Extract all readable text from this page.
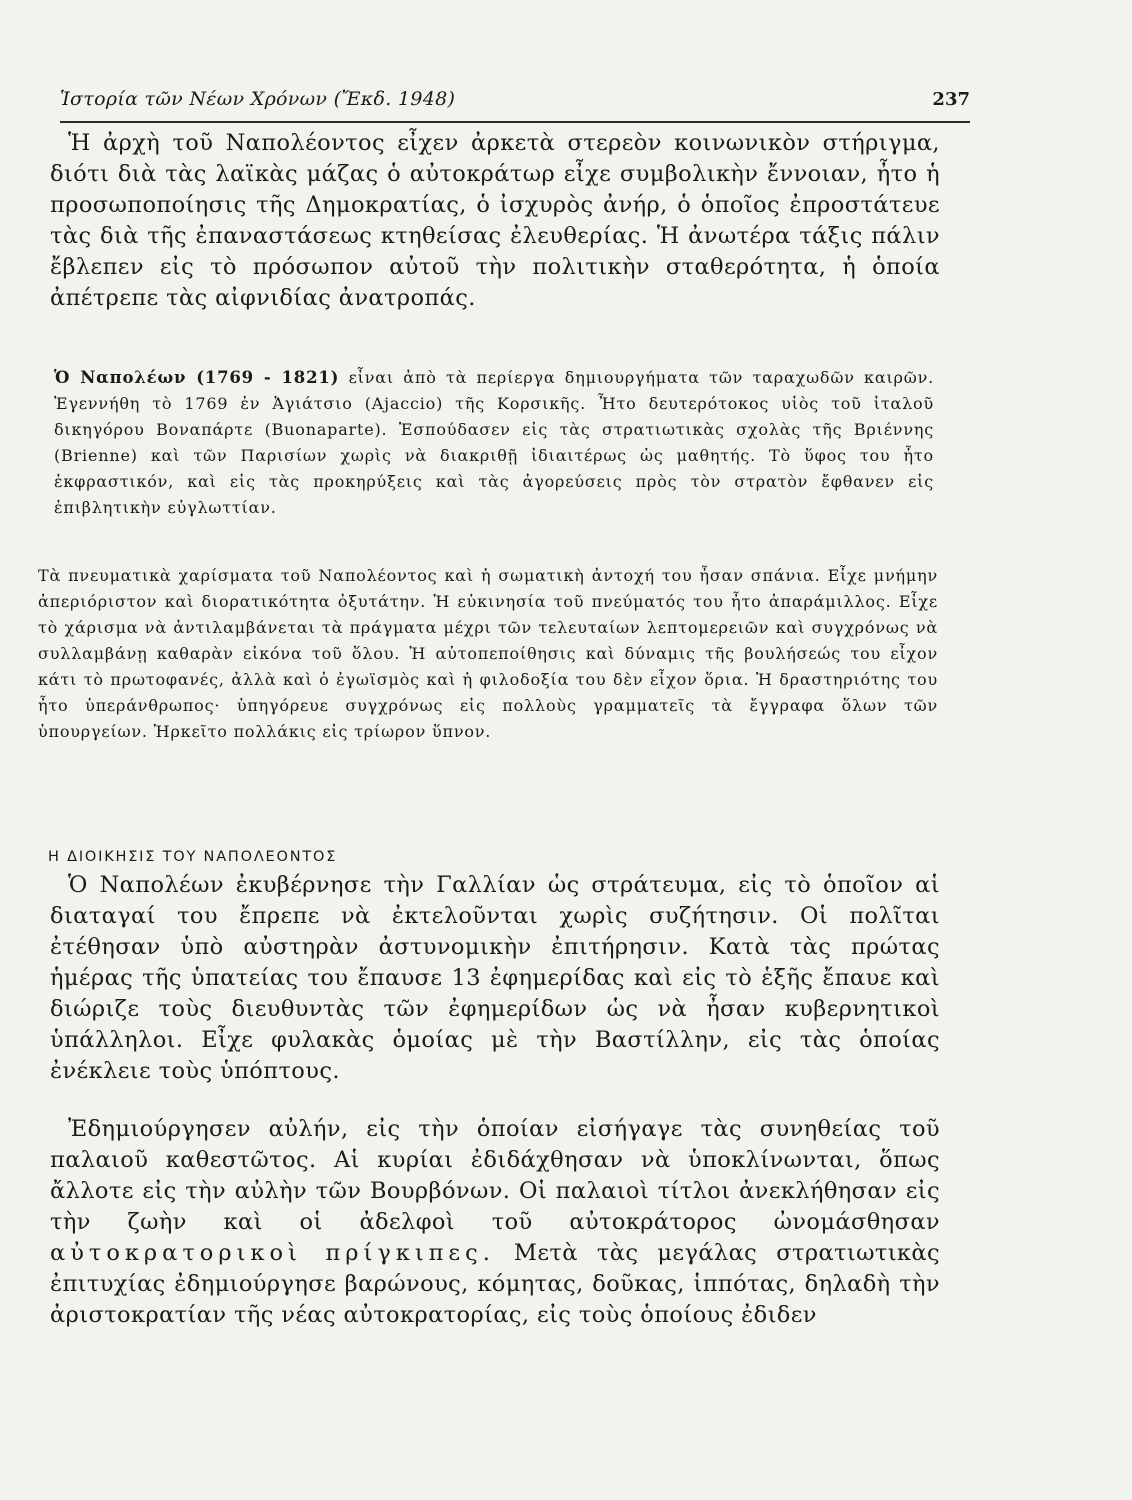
Ἱστορία τῶν Νέων Χρόνων (Ἔκδ. 1948)	237
Ἡ ἀρχὴ τοῦ Ναπολέοντος εἶχεν ἀρκετὰ στερεὸν κοινωνικὸν στήριγμα, διότι διὰ τὰς λαϊκὰς μάζας ὁ αὐτοκράτωρ εἶχε συμβολικὴν ἔννοιαν, ἦτο ἡ προσωποποίησις τῆς Δημοκρατίας, ὁ ἰσχυρὸς ἀνήρ, ὁ ὁποῖος ἐπροστάτευε τὰς διὰ τῆς ἐπαναστάσεως κτηθείσας ἐλευθερίας. Ἡ ἀνωτέρα τάξις πάλιν ἔβλεπεν εἰς τὸ πρόσωπον αὐτοῦ τὴν πολιτικὴν σταθερότητα, ἡ ὁποία ἀπέτρεπε τὰς αἰφνιδίας ἀνατροπάς.
Ὁ Ναπολέων (1769 - 1821) εἶναι ἀπὸ τὰ περίεργα δημιουργήματα τῶν ταραχωδῶν καιρῶν. Ἐγεννήθη τὸ 1769 ἐν Ἀγιάτσιο (Ajaccio) τῆς Κορσικῆς. Ἦτο δευτερότοκος υἱὸς τοῦ ἰταλοῦ δικηγόρου Βοναπάρτε (Buonaparte). Ἐσπούδασεν εἰς τὰς στρατιωτικὰς σχολὰς τῆς Βριέννης (Brienne) καὶ τῶν Παρισίων χωρὶς νὰ διακριθῇ ἰδιαιτέρως ὡς μαθητής. Τὸ ὕφος του ἦτο ἐκφραστικόν, καὶ εἰς τὰς προκηρύξεις καὶ τὰς ἀγορεύσεις πρὸς τὸν στρατὸν ἔφθανεν εἰς ἐπιβλητικὴν εὐγλωττίαν.
Τὰ πνευματικὰ χαρίσματα τοῦ Ναπολέοντος καὶ ἡ σωματικὴ ἀντοχή του ἦσαν σπάνια. Εἶχε μνήμην ἀπεριόριστον καὶ διορατικότητα ὀξυτάτην. Ἡ εὐκινησία τοῦ πνεύματός του ἦτο ἀπαράμιλλος. Εἶχε τὸ χάρισμα νὰ ἀντιλαμβάνεται τὰ πράγματα μέχρι τῶν τελευταίων λεπτομερειῶν καὶ συγχρόνως νὰ συλλαμβάνῃ καθαρὰν εἰκόνα τοῦ ὅλου. Ἡ αὐτοπεποίθησις καὶ δύναμις τῆς βουλήσεώς του εἶχον κάτι τὸ πρωτοφανές, ἀλλὰ καὶ ὁ ἐγωϊσμὸς καὶ ἡ φιλοδοξία του δὲν εἶχον ὅρια. Ἡ δραστηριότης του ἦτο ὑπεράνθρωπος· ὑπηγόρευε συγχρόνως εἰς πολλοὺς γραμματεῖς τὰ ἔγγραφα ὅλων τῶν ὑπουργείων. Ἠρκεῖτο πολλάκις εἰς τρίωρον ὕπνον.
Η ΔΙΟΙΚΗΣΙΣ ΤΟΥ ΝΑΠΟΛΕΟΝΤΟΣ
Ὁ Ναπολέων ἐκυβέρνησε τὴν Γαλλίαν ὡς στράτευμα, εἰς τὸ ὁποῖον αἱ διαταγαί του ἔπρεπε νὰ ἐκτελοῦνται χωρὶς συζήτησιν. Οἱ πολῖται ἐτέθησαν ὑπὸ αὐστηρὰν ἀστυνομικὴν ἐπιτήρησιν. Κατὰ τὰς πρώτας ἡμέρας τῆς ὑπατείας του ἔπαυσε 13 ἐφημερίδας καὶ εἰς τὸ ἑξῆς ἔπαυε καὶ διώριζε τοὺς διευθυντὰς τῶν ἐφημερίδων ὡς νὰ ἦσαν κυβερνητικοὶ ὑπάλληλοι. Εἶχε φυλακὰς ὁμοίας μὲ τὴν Βαστίλλην, εἰς τὰς ὁποίας ἐνέκλειε τοὺς ὑπόπτους.
Ἐδημιούργησεν αὐλήν, εἰς τὴν ὁποίαν εἰσήγαγε τὰς συνηθείας τοῦ παλαιοῦ καθεστῶτος. Αἱ κυρίαι ἐδιδάχθησαν νὰ ὑποκλίνωνται, ὅπως ἄλλοτε εἰς τὴν αὐλὴν τῶν Βουρβόνων. Οἱ παλαιοὶ τίτλοι ἀνεκλήθησαν εἰς τὴν ζωὴν καὶ οἱ ἀδελφοὶ τοῦ αὐτοκράτορος ὠνομάσθησαν αὐτοκρατορικοὶ πρίγκιπες. Μετὰ τὰς μεγάλας στρατιωτικὰς ἐπιτυχίας ἐδημιούργησε βαρώνους, κόμητας, δοῦκας, ἱππότας, δηλαδὴ τὴν ἀριστοκρατίαν τῆς νέας αὐτοκρατορίας, εἰς τοὺς ὁποίους ἐδιδεν
